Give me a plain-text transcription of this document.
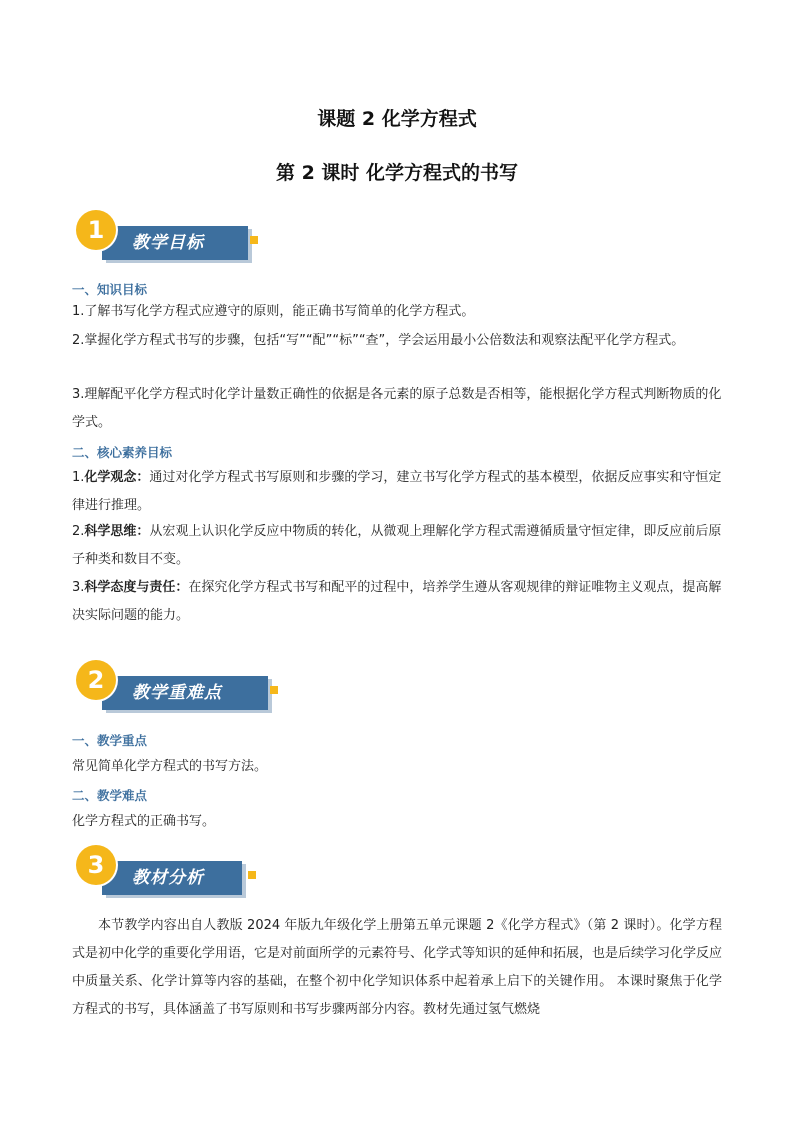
课题 2 化学方程式
第 2 课时 化学方程式的书写
教学目标
1
一、知识目标
1.了解书写化学方程式应遵守的原则，能正确书写简单的化学方程式。
2.掌握化学方程式书写的步骤，包括“写”“配”“标”“查”，学会运用最小公倍数法和观察法配平化学方程式。
3.理解配平化学方程式时化学计量数正确性的依据是各元素的原子总数是否相等，能根据化学方程式判断物质的化学式。
二、核心素养目标
1.化学观念：通过对化学方程式书写原则和步骤的学习，建立书写化学方程式的基本模型，依据反应事实和守恒定律进行推理。
2.科学思维：从宏观上认识化学反应中物质的转化，从微观上理解化学方程式需遵循质量守恒定律，即反应前后原子种类和数目不变。
3.科学态度与责任：在探究化学方程式书写和配平的过程中，培养学生遵从客观规律的辩证唯物主义观点，提高解决实际问题的能力。
教学重难点
2
一、教学重点
常见简单化学方程式的书写方法。
二、教学难点
化学方程式的正确书写。
教材分析
3
本节教学内容出自人教版 2024 年版九年级化学上册第五单元课题 2《化学方程式》（第 2 课时）。化学方程式是初中化学的重要化学用语，它是对前面所学的元素符号、化学式等知识的延伸和拓展，也是后续学习化学反应中质量关系、化学计算等内容的基础，在整个初中化学知识体系中起着承上启下的关键作用。 本课时聚焦于化学方程式的书写，具体涵盖了书写原则和书写步骤两部分内容。教材先通过氢气燃烧
